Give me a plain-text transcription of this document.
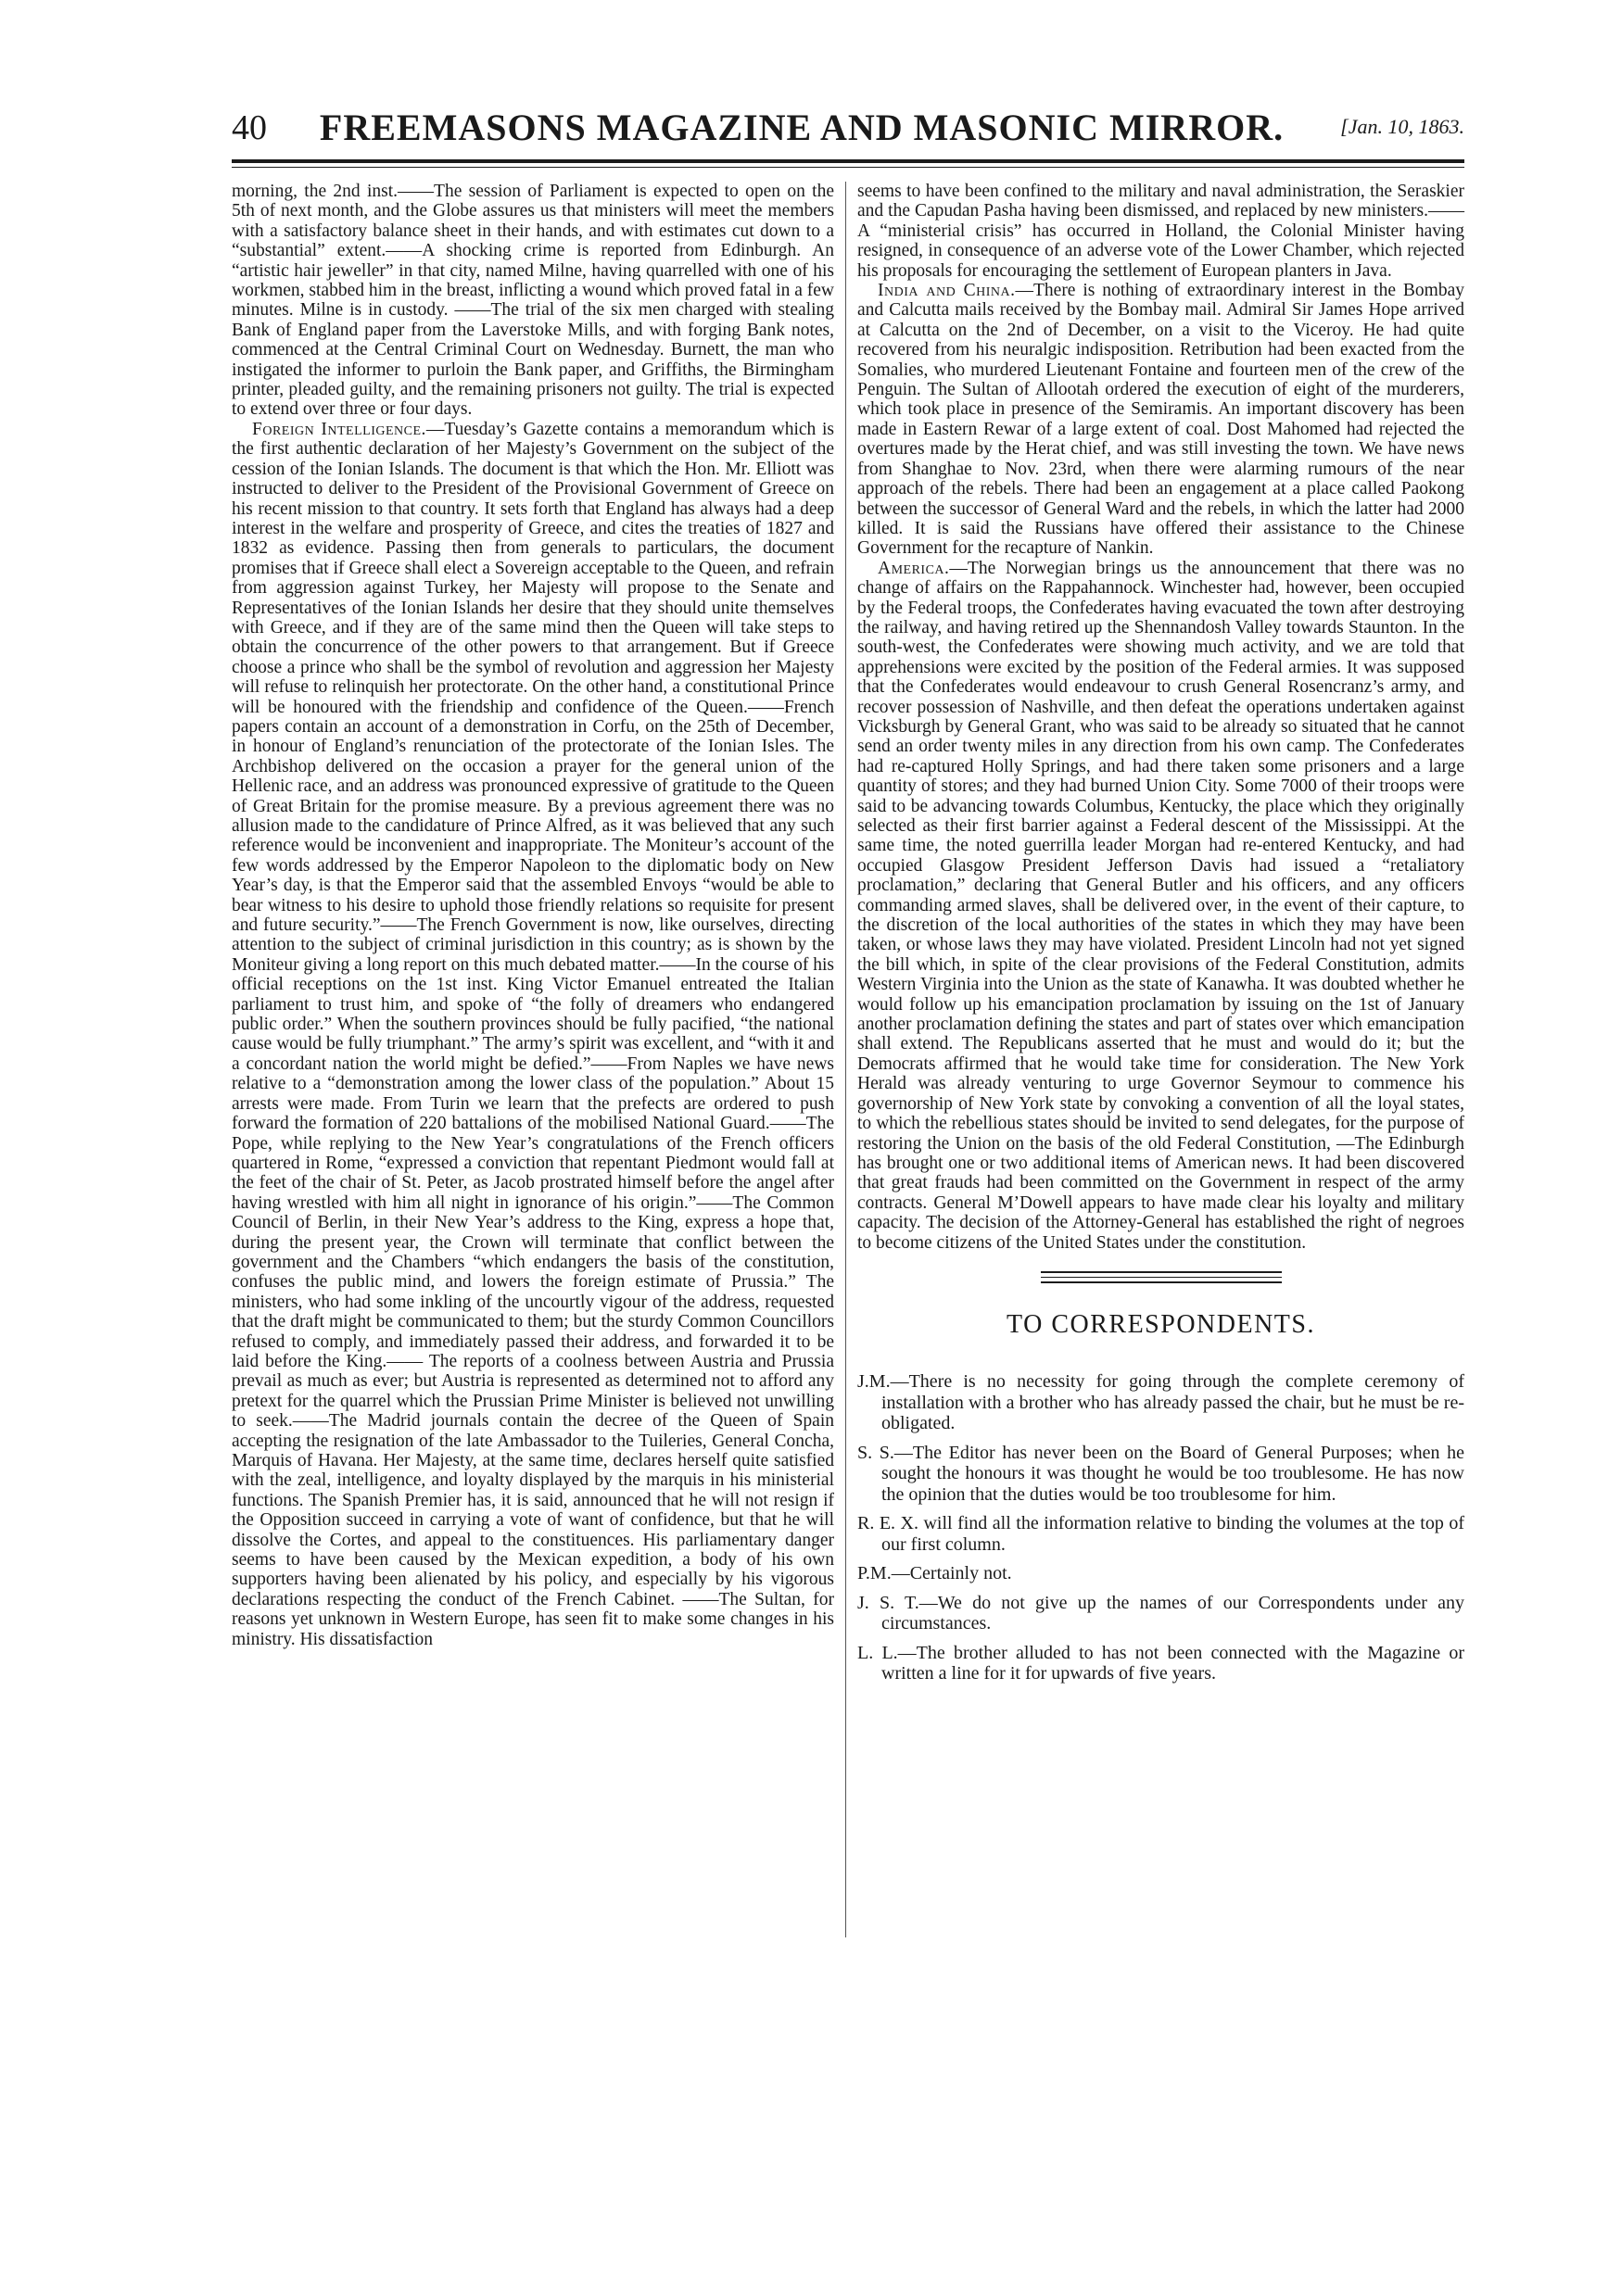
40	FREEMASONS MAGAZINE AND MASONIC MIRROR.	[Jan. 10, 1863.

morning, the 2nd inst.——The session of Parliament is expected to open on the 5th of next month, and the Globe assures us that ministers will meet the members with a satisfactory balance sheet in their hands, and with estimates cut down to a “substantial” extent.——A shocking crime is reported from Edinburgh. An “artistic hair jeweller” in that city, named Milne, having quarrelled with one of his workmen, stabbed him in the breast, inflicting a wound which proved fatal in a few minutes. Milne is in custody. ——The trial of the six men charged with stealing Bank of England paper from the Laverstoke Mills, and with forging Bank notes, commenced at the Central Criminal Court on Wednesday. Burnett, the man who instigated the informer to purloin the Bank paper, and Griffiths, the Birmingham printer, pleaded guilty, and the remaining prisoners not guilty. The trial is expected to extend over three or four days.

Foreign Intelligence.—Tuesday’s Gazette contains a memorandum which is the first authentic declaration of her Majesty’s Government on the subject of the cession of the Ionian Islands. The document is that which the Hon. Mr. Elliott was instructed to deliver to the President of the Provisional Government of Greece on his recent mission to that country. It sets forth that England has always had a deep interest in the welfare and prosperity of Greece, and cites the treaties of 1827 and 1832 as evidence. Passing then from generals to particulars, the document promises that if Greece shall elect a Sovereign acceptable to the Queen, and refrain from aggression against Turkey, her Majesty will propose to the Senate and Representatives of the Ionian Islands her desire that they should unite themselves with Greece, and if they are of the same mind then the Queen will take steps to obtain the concurrence of the other powers to that arrangement. But if Greece choose a prince who shall be the symbol of revolution and aggression her Majesty will refuse to relinquish her protectorate. On the other hand, a constitutional Prince will be honoured with the friendship and confidence of the Queen.——French papers contain an account of a demonstration in Corfu, on the 25th of December, in honour of England’s renunciation of the protectorate of the Ionian Isles. The Archbishop delivered on the occasion a prayer for the general union of the Hellenic race, and an address was pronounced expressive of gratitude to the Queen of Great Britain for the promise measure. By a previous agreement there was no allusion made to the candidature of Prince Alfred, as it was believed that any such reference would be inconvenient and inappropriate. The Moniteur’s account of the few words addressed by the Emperor Napoleon to the diplomatic body on New Year’s day, is that the Emperor said that the assembled Envoys “would be able to bear witness to his desire to uphold those friendly relations so requisite for present and future security.”——The French Government is now, like ourselves, directing attention to the subject of criminal jurisdiction in this country; as is shown by the Moniteur giving a long report on this much debated matter.——In the course of his official receptions on the 1st inst. King Victor Emanuel entreated the Italian parliament to trust him, and spoke of “the folly of dreamers who endangered public order.” When the southern provinces should be fully pacified, “the national cause would be fully triumphant.” The army’s spirit was excellent, and “with it and a concordant nation the world might be defied.”——From Naples we have news relative to a “demonstration among the lower class of the population.” About 15 arrests were made. From Turin we learn that the prefects are ordered to push forward the formation of 220 battalions of the mobilised National Guard.——The Pope, while replying to the New Year’s congratulations of the French officers quartered in Rome, “expressed a conviction that repentant Piedmont would fall at the feet of the chair of St. Peter, as Jacob prostrated himself before the angel after having wrestled with him all night in ignorance of his origin.”——The Common Council of Berlin, in their New Year’s address to the King, express a hope that, during the present year, the Crown will terminate that conflict between the government and the Chambers “which endangers the basis of the constitution, confuses the public mind, and lowers the foreign estimate of Prussia.” The ministers, who had some inkling of the uncourtly vigour of the address, requested that the draft might be communicated to them; but the sturdy Common Councillors refused to comply, and immediately passed their address, and forwarded it to be laid before the King.—— The reports of a coolness between Austria and Prussia prevail as much as ever; but Austria is represented as determined not to afford any pretext for the quarrel which the Prussian Prime Minister is believed not unwilling to seek.——The Madrid journals contain the decree of the Queen of Spain accepting the resignation of the late Ambassador to the Tuileries, General Concha, Marquis of Havana. Her Majesty, at the same time, declares herself quite satisfied with the zeal, intelligence, and loyalty displayed by the marquis in his ministerial functions. The Spanish Premier has, it is said, announced that he will not resign if the Opposition succeed in carrying a vote of want of confidence, but that he will dissolve the Cortes, and appeal to the constituences. His parliamentary danger seems to have been caused by the Mexican expedition, a body of his own supporters having been alienated by his policy, and especially by his vigorous declarations respecting the conduct of the French Cabinet. ——The Sultan, for reasons yet unknown in Western Europe, has seen fit to make some changes in his ministry. His dissatisfaction

seems to have been confined to the military and naval administration, the Seraskier and the Capudan Pasha having been dismissed, and replaced by new ministers.——A “ministerial crisis” has occurred in Holland, the Colonial Minister having resigned, in consequence of an adverse vote of the Lower Chamber, which rejected his proposals for encouraging the settlement of European planters in Java.

India and China.—There is nothing of extraordinary interest in the Bombay and Calcutta mails received by the Bombay mail. Admiral Sir James Hope arrived at Calcutta on the 2nd of December, on a visit to the Viceroy. He had quite recovered from his neuralgic indisposition. Retribution had been exacted from the Somalies, who murdered Lieutenant Fontaine and fourteen men of the crew of the Penguin. The Sultan of Allootah ordered the execution of eight of the murderers, which took place in presence of the Semiramis. An important discovery has been made in Eastern Rewar of a large extent of coal. Dost Mahomed had rejected the overtures made by the Herat chief, and was still investing the town. We have news from Shanghae to Nov. 23rd, when there were alarming rumours of the near approach of the rebels. There had been an engagement at a place called Paokong between the successor of General Ward and the rebels, in which the latter had 2000 killed. It is said the Russians have offered their assistance to the Chinese Government for the recapture of Nankin.

America.—The Norwegian brings us the announcement that there was no change of affairs on the Rappahannock. Winchester had, however, been occupied by the Federal troops, the Confederates having evacuated the town after destroying the railway, and having retired up the Shennandosh Valley towards Staunton. In the south-west, the Confederates were showing much activity, and we are told that apprehensions were excited by the position of the Federal armies. It was supposed that the Confederates would endeavour to crush General Rosencranz’s army, and recover possession of Nashville, and then defeat the operations undertaken against Vicksburgh by General Grant, who was said to be already so situated that he cannot send an order twenty miles in any direction from his own camp. The Confederates had re-captured Holly Springs, and had there taken some prisoners and a large quantity of stores; and they had burned Union City. Some 7000 of their troops were said to be advancing towards Columbus, Kentucky, the place which they originally selected as their first barrier against a Federal descent of the Mississippi. At the same time, the noted guerrilla leader Morgan had re-entered Kentucky, and had occupied Glasgow President Jefferson Davis had issued a “retaliatory proclamation,” declaring that General Butler and his officers, and any officers commanding armed slaves, shall be delivered over, in the event of their capture, to the discretion of the local authorities of the states in which they may have been taken, or whose laws they may have violated. President Lincoln had not yet signed the bill which, in spite of the clear provisions of the Federal Constitution, admits Western Virginia into the Union as the state of Kanawha. It was doubted whether he would follow up his emancipation proclamation by issuing on the 1st of January another proclamation defining the states and part of states over which emancipation shall extend. The Republicans asserted that he must and would do it; but the Democrats affirmed that he would take time for consideration. The New York Herald was already venturing to urge Governor Seymour to commence his governorship of New York state by convoking a convention of all the loyal states, to which the rebellious states should be invited to send delegates, for the purpose of restoring the Union on the basis of the old Federal Constitution, —The Edinburgh has brought one or two additional items of American news. It had been discovered that great frauds had been committed on the Government in respect of the army contracts. General M’Dowell appears to have made clear his loyalty and military capacity. The decision of the Attorney-General has established the right of negroes to become citizens of the United States under the constitution.

TO CORRESPONDENTS.
J.M.—There is no necessity for going through the complete ceremony of installation with a brother who has already passed the chair, but he must be re-obligated.
S. S.—The Editor has never been on the Board of General Purposes; when he sought the honours it was thought he would be too troublesome. He has now the opinion that the duties would be too troublesome for him.
R. E. X. will find all the information relative to binding the volumes at the top of our first column.
P.M.—Certainly not.
J. S. T.—We do not give up the names of our Correspondents under any circumstances.
L. L.—The brother alluded to has not been connected with the Magazine or written a line for it for upwards of five years.
